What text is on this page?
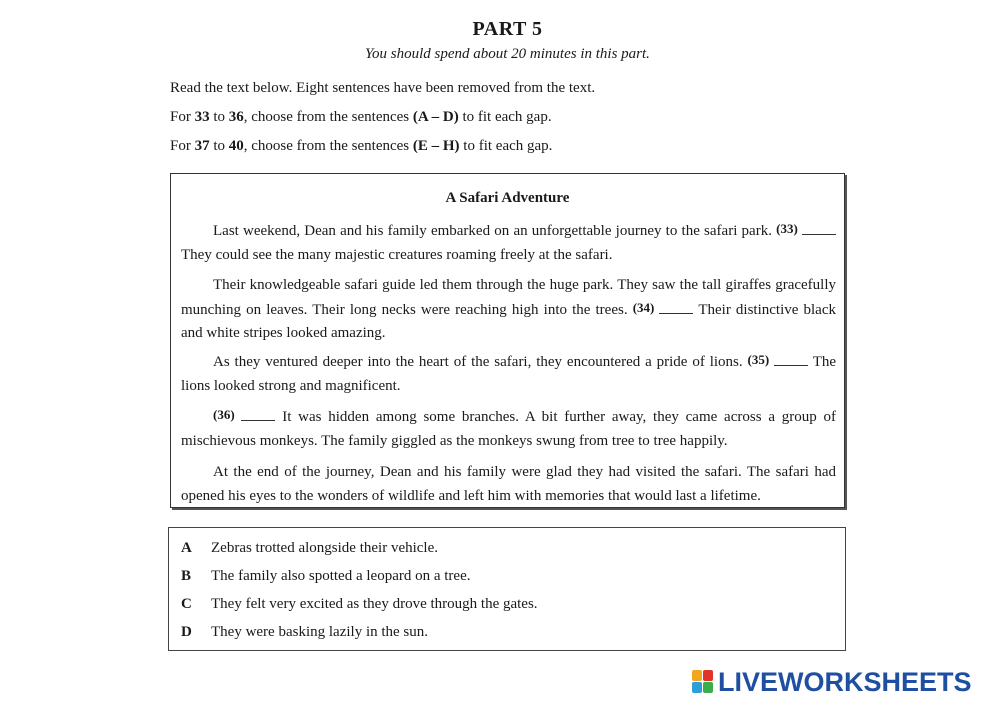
PART 5
You should spend about 20 minutes in this part.
Read the text below. Eight sentences have been removed from the text.
For 33 to 36, choose from the sentences (A – D) to fit each gap.
For 37 to 40, choose from the sentences (E – H) to fit each gap.
A Safari Adventure

Last weekend, Dean and his family embarked on an unforgettable journey to the safari park. (33)  They could see the many majestic creatures roaming freely at the safari.

Their knowledgeable safari guide led them through the huge park. They saw the tall giraffes gracefully munching on leaves. Their long necks were reaching high into the trees. (34)	Their distinctive black and white stripes looked amazing.

As they ventured deeper into the heart of the safari, they encountered a pride of lions. (35)	The lions looked strong and magnificent.

(36)	It was hidden among some branches. A bit further away, they came across a group of mischievous monkeys. The family giggled as the monkeys swung from tree to tree happily.

At the end of the journey, Dean and his family were glad they had visited the safari. The safari had opened his eyes to the wonders of wildlife and left him with memories that would last a lifetime.

A Zebras trotted alongside their vehicle.
B The family also spotted a leopard on a tree.
C They felt very excited as they drove through the gates.
D They were basking lazily in the sun.
LIVEWORKSHEETS
